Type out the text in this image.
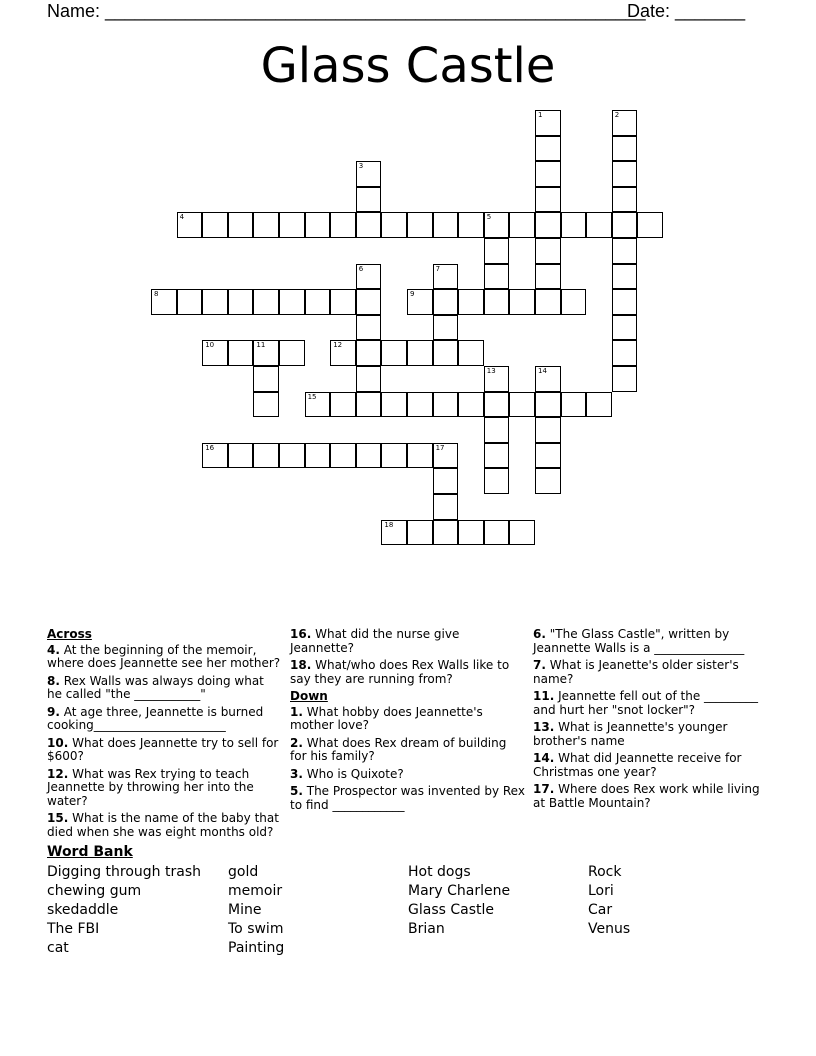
Name: ______________________________________________________
Date: _______
Glass Castle
1	2
3
4	5
6	7
8	9
10	11	12
13	14
15
16	17
18
Across
4. At the beginning of the memoir, where does Jeannette see her mother?
8. Rex Walls was always doing what he called "the ___________"
9. At age three, Jeannette is burned cooking______________________
10. What does Jeannette try to sell for $600?
12. What was Rex trying to teach Jeannette by throwing her into the water?
15. What is the name of the baby that died when she was eight months old?
16. What did the nurse give Jeannette?
18. What/who does Rex Walls like to say they are running from?
Down
1. What hobby does Jeannette's mother love?
2. What does Rex dream of building for his family?
3. Who is Quixote?
5. The Prospector was invented by Rex to find ____________
6. "The Glass Castle", written by Jeannette Walls is a _______________
7. What is Jeanette's older sister's name?
11. Jeannette fell out of the _________ and hurt her "snot locker"?
13. What is Jeannette's younger brother's name
14. What did Jeannette receive for Christmas one year?
17. Where does Rex work while living at Battle Mountain?
Word Bank
Digging through trash
chewing gum
skedaddle
The FBI
cat
gold
memoir
Mine
To swim
Painting
Hot dogs
Mary Charlene
Glass Castle
Brian
Rock
Lori
Car
Venus
